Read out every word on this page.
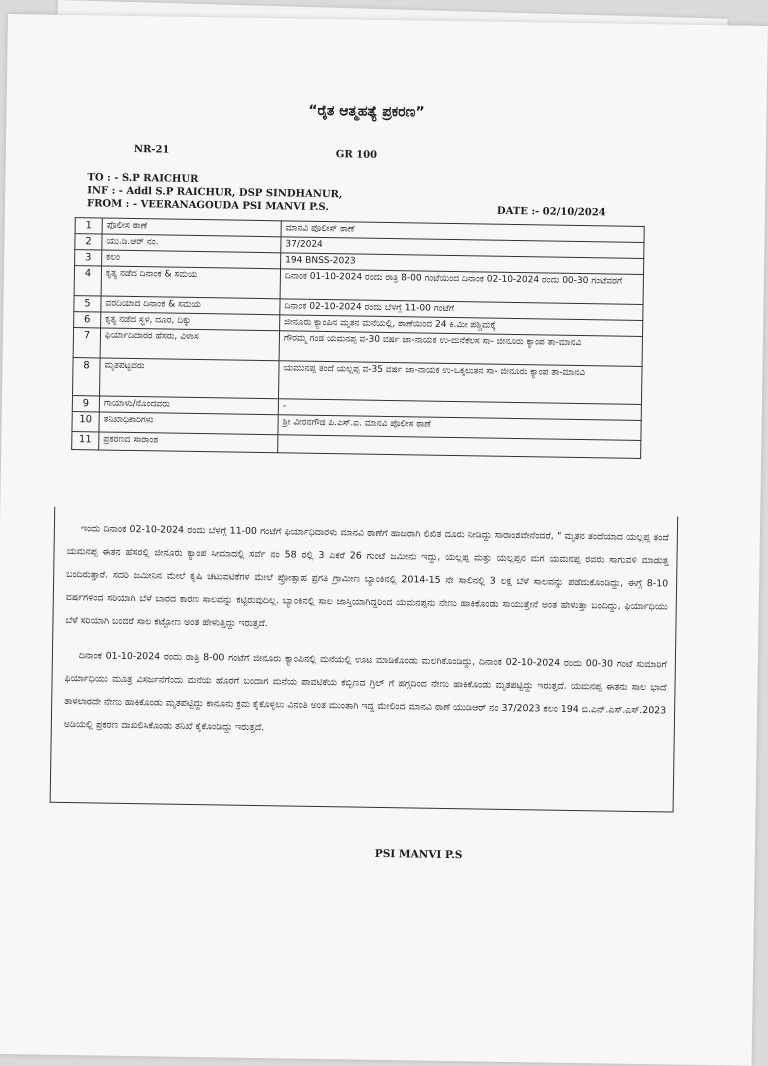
“ರೈತ ಆತ್ಮಹತ್ಯೆ ಪ್ರಕರಣ”
NR-21	GR 100
TO : - S.P RAICHUR
INF : - Addl S.P RAICHUR, DSP SINDHANUR,
FROM : - VEERANAGOUDA PSI MANVI P.S.	DATE :- 02/10/2024
1	ಪೊಲೀಸ ಠಾಣೆ	ಮಾನವಿ ಪೊಲೀಸ್ ಠಾಣೆ
2	ಯು.ಡಿ.ಆರ್ ನಂ.	37/2024
3	ಕಲಂ	194 BNSS-2023
4	ಕೃತ್ಯ ನಡೆದ ದಿನಾಂಕ & ಸಮಯ	ದಿನಾಂಕ 01-10-2024 ರಂದು ರಾತ್ರಿ 8-00 ಗಂಟೆಯಿಂದ ದಿನಾಂಕ 02-10-2024 ರಂದು 00-30 ಗಂಟೆವರಗೆ
5	ವರದಿಯಾದ ದಿನಾಂಕ & ಸಮಯ	ದಿನಾಂಕ 02-10-2024 ರಂದು ಬೆಳಗ್ಗೆ 11-00 ಗಂಟೆಗೆ
6	ಕೃತ್ಯ ನಡೆದ ಸ್ಥಳ, ದೂರ, ದಿಕ್ಕು	ಜೀನೂರು ಕ್ಯಾಂಪಿನ ಮೃತನ ಮನೆಯಲ್ಲಿ, ಠಾಣೆಯಿಂದ 24 ಕಿ.ಮೀ ಪಶ್ಚಿಮಕ್ಕೆ
7	ಫಿರ್ಯಾದಿದಾರರ ಹೆಸರು, ವಿಳಾಸ	ಗೌರಮ್ಮ ಗಂಡ ಯಮನಪ್ಪ ವ-30 ವರ್ಷ ಜಾ-ನಾಯಕ ಉ-ಮನೆಕೆಲಸ ಸಾ- ಜೀನೂರು ಕ್ಯಾಂಪ ತಾ-ಮಾನವಿ
8	ಮೃತಪಟ್ಟವರು	ಯಮುನಪ್ಪ ತಂದೆ ಯಲ್ಲಪ್ಪ ವ-35 ವರ್ಷ ಜಾ-ನಾಯಕ ಉ-ಒಕ್ಕಲುತನ ಸಾ- ಜೀನೂರು ಕ್ಯಾಂಪ ತಾ-ಮಾನವಿ
9	ಗಾಯಾಳು/ನೊಂದವರು	-
10	ತನಿಖಾಧಿಕಾರಿಗಳು	ಶ್ರೀ ವೀರನಗೌಡ ಪಿ.ಎಸ್.ಐ. ಮಾನವಿ ಪೊಲೀಸ ಠಾಣೆ
11	ಪ್ರಕರಣದ ಸಾರಾಂಶ	

ಇಂದು ದಿನಾಂಕ 02-10-2024 ರಂದು ಬೆಳಗ್ಗೆ 11-00 ಗಂಟೆಗೆ ಫಿರ್ಯಾಧಿದಾರಳು ಮಾನವಿ ಠಾಣೆಗೆ ಹಾಜರಾಗಿ ಲಿಖಿತ ದೂರು ನೀಡಿದ್ದು ಸಾರಾಂಶವೇನೆಂದರೆ, " ಮೃತನ ತಂದೆಯಾದ ಯಲ್ಲಪ್ಪ ತಂದೆ ಯಮನಪ್ಪ ಈತನ ಹೆಸರಲ್ಲಿ ಜೀನೂರು ಕ್ಯಾಂಪ ಸೀಮಾದಲ್ಲಿ ಸರ್ವೆ ನಂ 58 ರಲ್ಲಿ 3 ಎಕರೆ 26 ಗುಂಟೆ ಜಮೀನು ಇದ್ದು, ಯಲ್ಲಪ್ಪ ಮತ್ತು ಯಲ್ಲಪ್ಪನ ಮಗ ಯಮನಪ್ಪ ರವರು ಸಾಗುವಳಿ ಮಾಡುತ್ತ ಬಂದಿರುತ್ತಾರೆ. ಸದರಿ ಜಮೀನಿನ ಮೇಲೆ ಕೃಷಿ ಚಟುವಟಿಕೆಗಳ ಮೇಲೆ ಪ್ರೋತ್ಸಾಹ ಪ್ರಗತಿ ಗ್ರಾಮೀಣ ಬ್ಯಾಂಕಿನಲ್ಲಿ 2014-15 ನೇ ಸಾಲಿನಲ್ಲಿ 3 ಲಕ್ಷ ಬೆಳೆ ಸಾಲವನ್ನು ಪಡೆದುಕೊಂಡಿದ್ದು, ಈಗ್ಗೆ 8-10 ವರ್ಷಗಳಿಂದ ಸರಿಯಾಗಿ ಬೆಳೆ ಬಾರದ ಕಾರಣ ಸಾಲವನ್ನು ಕಟ್ಟಿರುವುದಿಲ್ಲ. ಬ್ಯಾಂಕಿನಲ್ಲಿ ಸಾಲ ಜಾಸ್ತಿಯಾಗಿದ್ದರಿಂದ ಯಮನಪ್ಪನು ನೇಣು ಹಾಕಿಕೊಂಡು ಸಾಯುತ್ತೇನೆ ಅಂತ ಹೇಳುತ್ತಾ ಬಂದಿದ್ದು, ಫಿರ್ಯಾಧಿಯು ಬೆಳೆ ಸರಿಯಾಗಿ ಬಂದರೆ ಸಾಲ ಕಟ್ಟೋಣ ಅಂತ ಹೇಳುತ್ತಿದ್ದು ಇರುತ್ತದೆ.

ದಿನಾಂಕ 01-10-2024 ರಂದು ರಾತ್ರಿ 8-00 ಗಂಟೆಗೆ ಜೀನೂರು ಕ್ಯಾಂಪಿನಲ್ಲಿ ಮನೆಯಲ್ಲಿ ಊಟ ಮಾಡಿಕೊಂಡು ಮಲಗಿಕೊಂಡಿದ್ದು, ದಿನಾಂಕ 02-10-2024 ರಂದು 00-30 ಗಂಟೆ ಸುಮಾರಿಗೆ ಫಿರ್ಯಾಧಿಯು ಮೂತ್ರ ವಿಸರ್ಜನೆಗೆಂದು ಮನೆಯ ಹೊರಗೆ ಬಂದಾಗ ಮನೆಯ ಪಾವಟಿಕೆಯ ಕಬ್ಬಿಣದ ಗ್ರಿಲ್ ಗೆ ಹಗ್ಗದಿಂದ ನೇಣು ಹಾಕಿಕೊಂಡು ಮೃತಪಟ್ಟಿದ್ದು ಇರುತ್ತದೆ. ಯಮನಪ್ಪ ಈತನು ಸಾಲ ಭಾದೆ ತಾಳಲಾರದೇ ನೇಣು ಹಾಕಿಕೊಂಡು ಮೃತಪಟ್ಟಿದ್ದು ಕಾನೂನು ಕ್ರಮ ಕೈಕೊಳ್ಳಲು ವಿನಂತಿ ಅಂತ ಮುಂತಾಗಿ ಇದ್ದ ಮೇಲಿಂದ ಮಾನವಿ ಠಾಣೆ ಯುಡಿಆರ್ ನಂ 37/2023 ಕಲಂ 194 ಬಿ.ಎನ್.ಎಸ್.ಎಸ್.2023 ಅಡಿಯಲ್ಲಿ ಪ್ರಕರಣ ದಾಖಲಿಸಿಕೊಂಡು ತನಿಖೆ ಕೈಕೊಂಡಿದ್ದು ಇರುತ್ತದೆ.

PSI MANVI P.S
